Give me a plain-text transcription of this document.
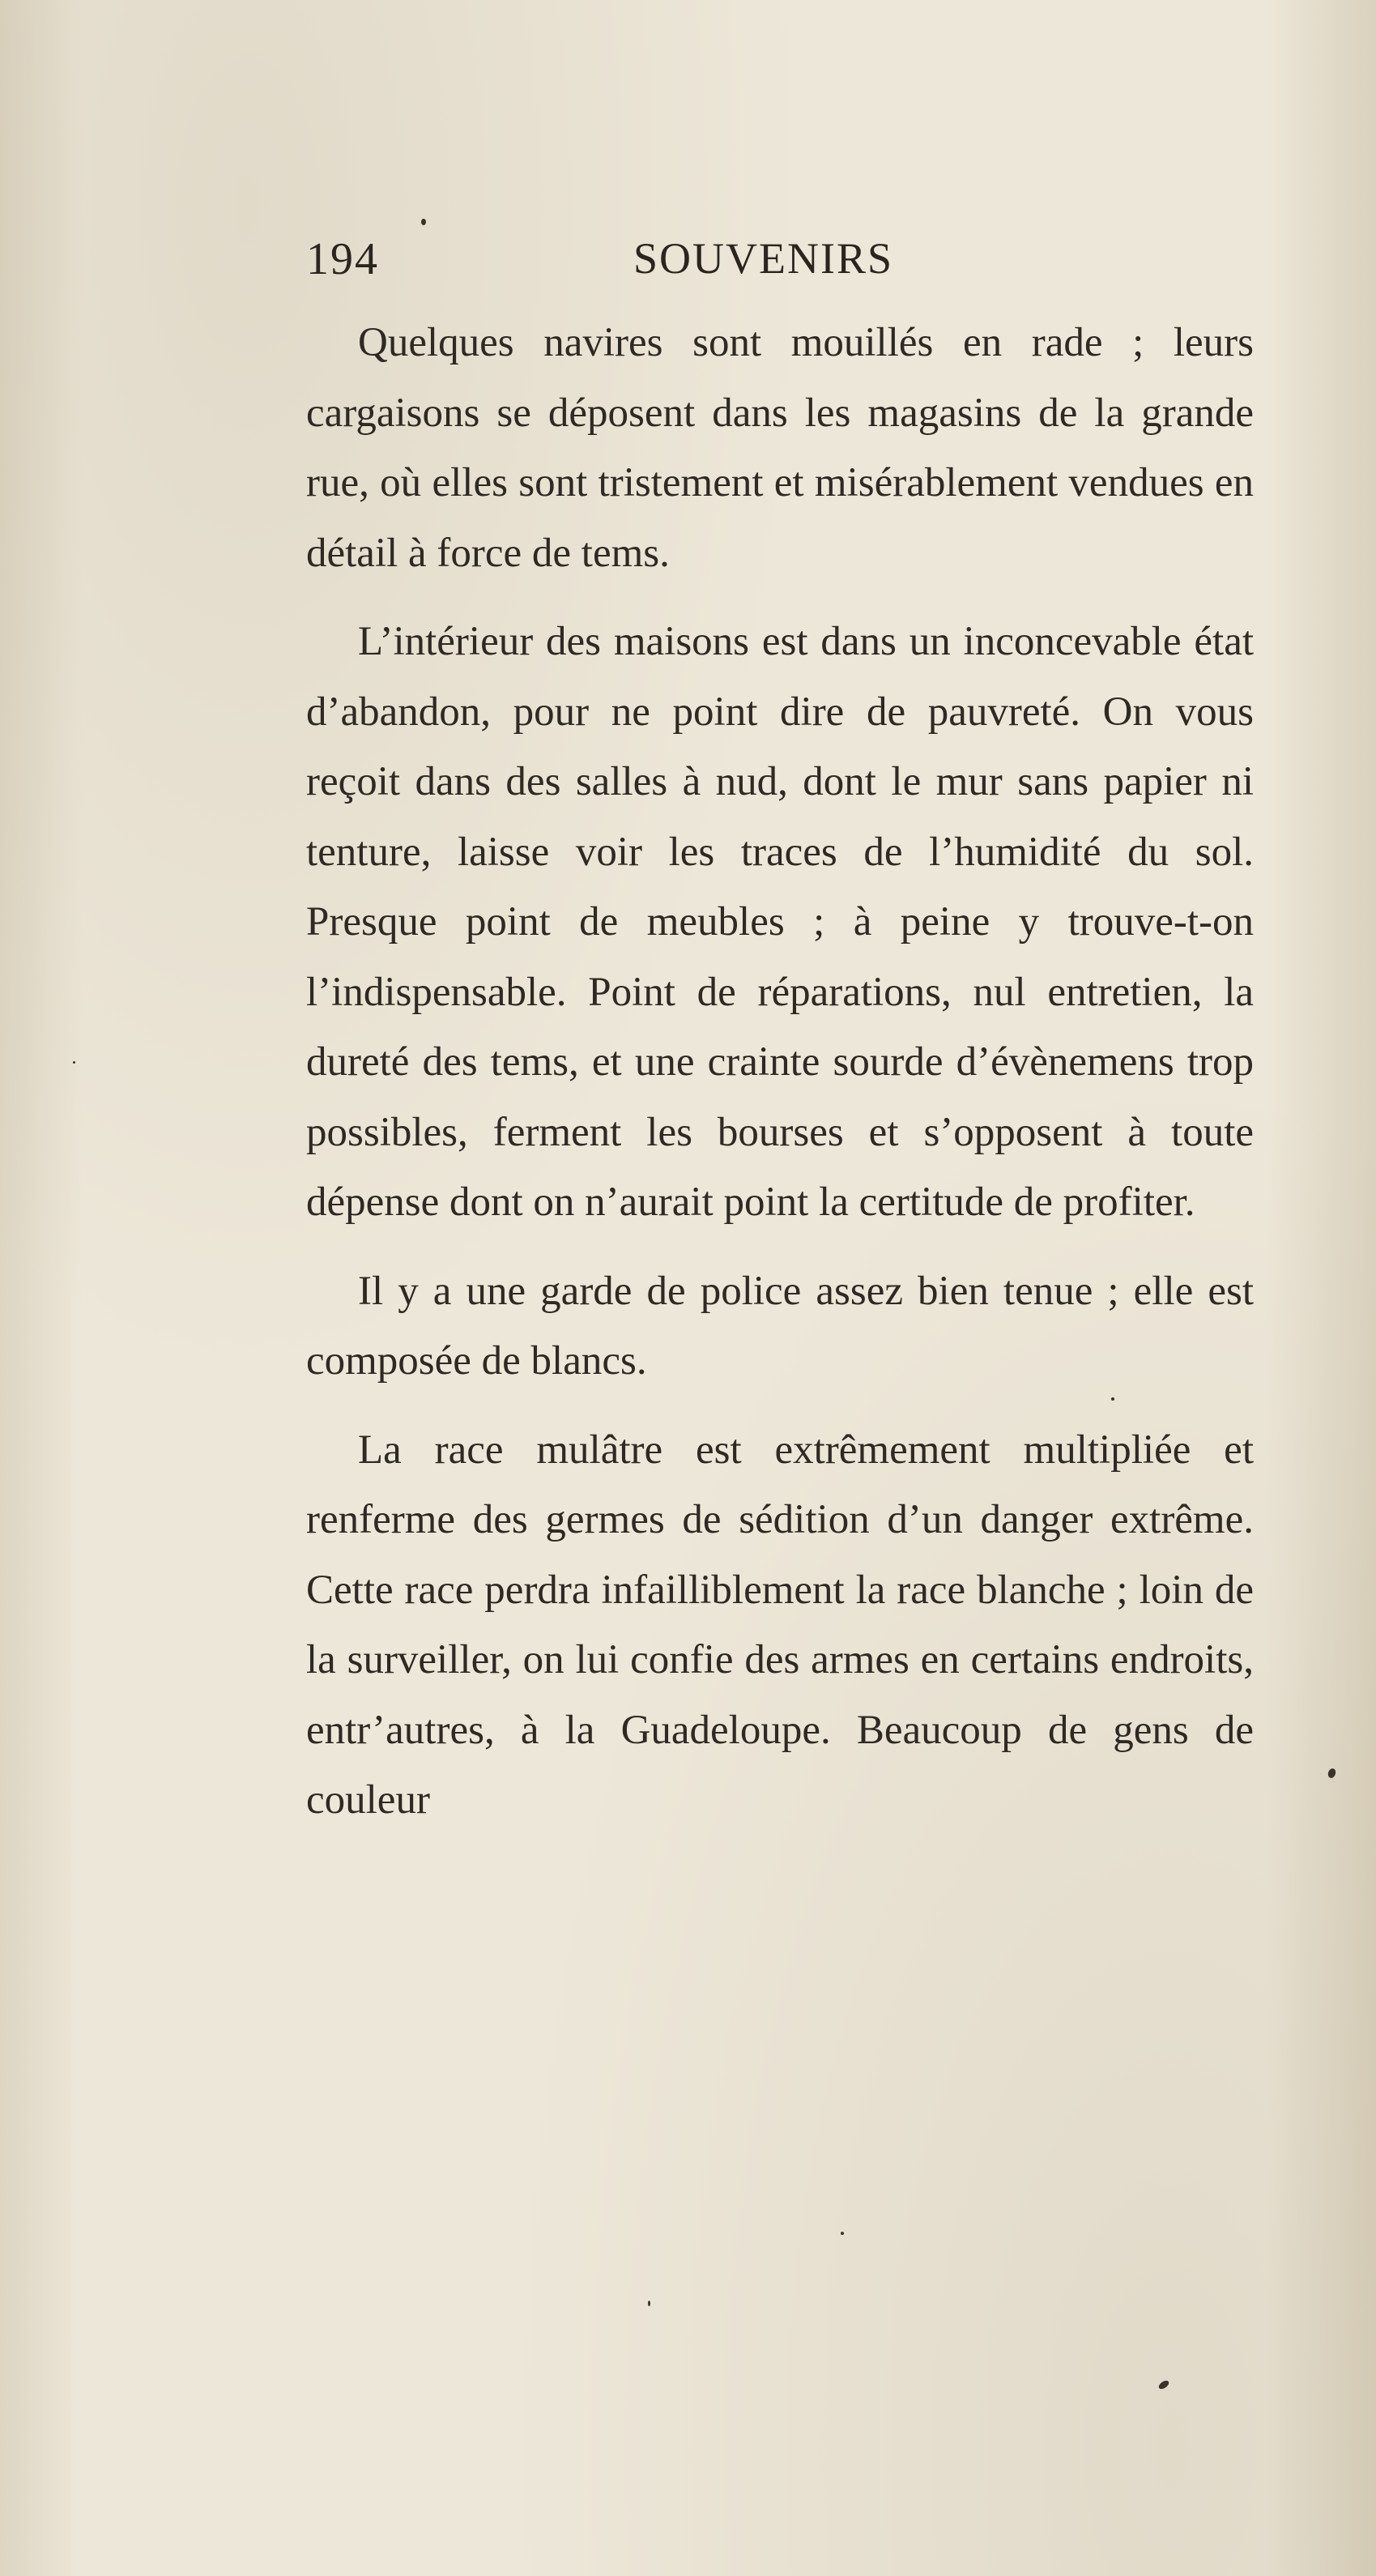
194	SOUVENIRS

Quelques navires sont mouillés en rade ; leurs cargaisons se déposent dans les magasins de la grande rue, où elles sont tristement et misérablement vendues en détail à force de tems.

L’intérieur des maisons est dans un inconcevable état d’abandon, pour ne point dire de pauvreté. On vous reçoit dans des salles à nud, dont le mur sans papier ni tenture, laisse voir les traces de l’humidité du sol. Presque point de meubles ; à peine y trouve-t-on l’indispensable. Point de réparations, nul entretien, la dureté des tems, et une crainte sourde d’évènemens trop possibles, ferment les bourses et s’opposent à toute dépense dont on n’aurait point la certitude de profiter.

Il y a une garde de police assez bien tenue ; elle est composée de blancs.

La race mulâtre est extrêmement multipliée et renferme des germes de sédition d’un danger extrême. Cette race perdra infailliblement la race blanche ; loin de la surveiller, on lui confie des armes en certains endroits, entr’autres, à la Guadeloupe. Beaucoup de gens de couleur
